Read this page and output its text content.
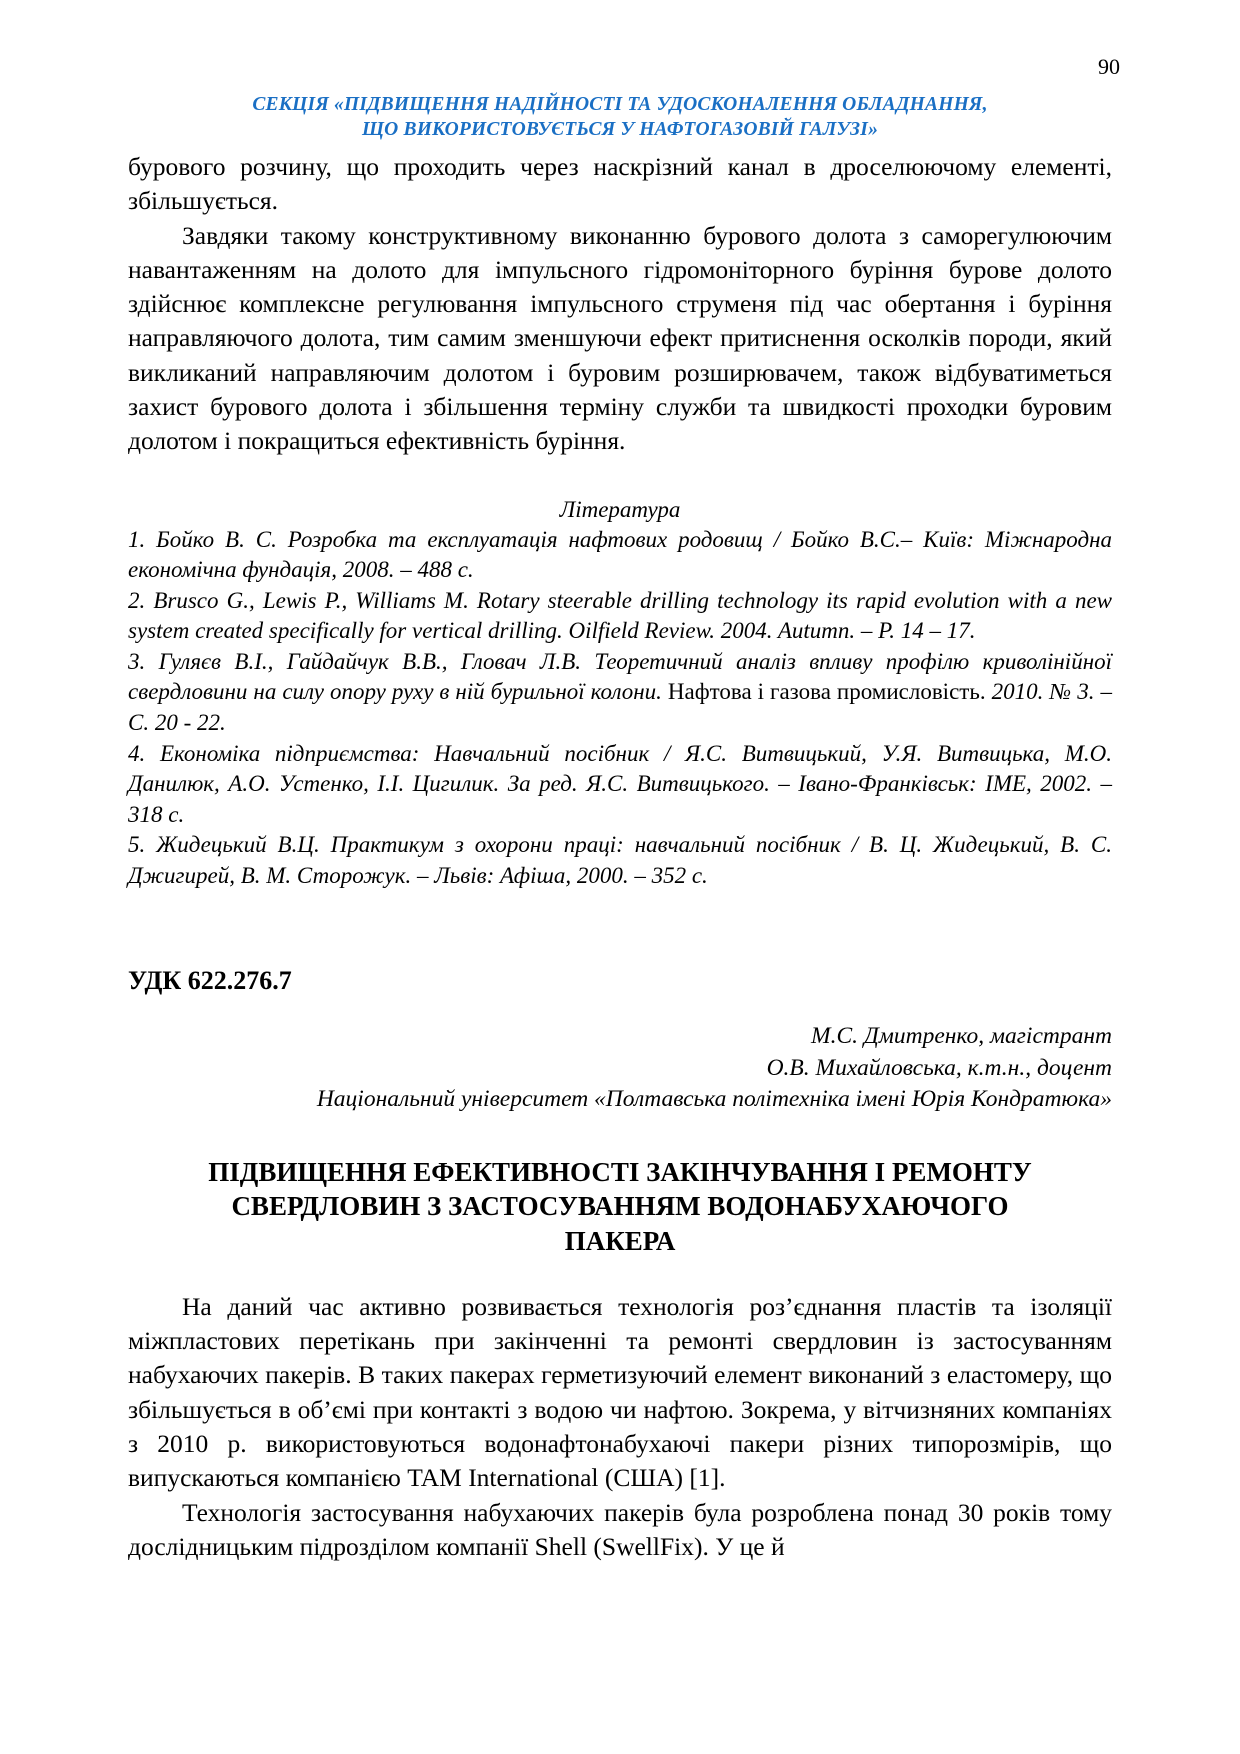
90
СЕКЦІЯ «ПІДВИЩЕННЯ НАДІЙНОСТІ ТА УДОСКОНАЛЕННЯ ОБЛАДНАННЯ,
ЩО ВИКОРИСТОВУЄТЬСЯ У НАФТОГАЗОВІЙ ГАЛУЗІ»

бурового розчину, що проходить через наскрізний канал в дроселюючому елементі, збільшується.

Завдяки такому конструктивному виконанню бурового долота з саморегулюючим навантаженням на долото для імпульсного гідромоніторного буріння бурове долото здійснює комплексне регулювання імпульсного струменя під час обертання і буріння направляючого долота, тим самим зменшуючи ефект притиснення осколків породи, який викликаний направляючим долотом і буровим розширювачем, також відбуватиметься захист бурового долота і збільшення терміну служби та швидкості проходки буровим долотом і покращиться ефективність буріння.

Література

1. Бойко В. С. Розробка та експлуатація нафтових родовищ / Бойко В.С.– Київ: Міжнародна економічна фундація, 2008. – 488 с.

2. Brusco G., Lewis P., Williams M. Rotary steerable drilling technology its rapid evolution with a new system created specifically for vertical drilling. Oilfield Review. 2004. Autumn. – P. 14 – 17.

3. Гуляєв В.І., Гайдайчук В.В., Гловач Л.В. Теоретичний аналіз впливу профілю криволінійної свердловини на силу опору руху в ній бурильної колони. Нафтова і газова промисловість. 2010. № 3. – С. 20 - 22.

4. Економіка підприємства: Навчальний посібник / Я.С. Витвицький, У.Я. Витвицька, М.О. Данилюк, А.О. Устенко, І.І. Цигилик. За ред. Я.С. Витвицького. – Івано-Франківськ: ІМЕ, 2002. – 318 с.

5. Жидецький В.Ц. Практикум з охорони праці: навчальний посібник / В. Ц. Жидецький, В. С. Джигирей, В. М. Сторожук. – Львів: Афіша, 2000. – 352 с.

УДК 622.276.7
М.С. Дмитренко, магістрант
О.В. Михайловська, к.т.н., доцент
Національний університет «Полтавська політехніка імені Юрія Кондратюка»
ПІДВИЩЕННЯ ЕФЕКТИВНОСТІ ЗАКІНЧУВАННЯ І РЕМОНТУ
СВЕРДЛОВИН З ЗАСТОСУВАННЯМ ВОДОНАБУХАЮЧОГО
ПАКЕРА

На даний час активно розвивається технологія роз’єднання пластів та ізоляції міжпластових перетікань при закінченні та ремонті свердловин із застосуванням набухаючих пакерів. В таких пакерах герметизуючий елемент виконаний з еластомеру, що збільшується в об’ємі при контакті з водою чи нафтою. Зокрема, у вітчизняних компаніях з 2010 р. використовуються водонафтонабухаючі пакери різних типорозмірів, що випускаються компанією TAM International (США) [1].

Технологія застосування набухаючих пакерів була розроблена понад 30 років тому дослідницьким підрозділом компанії Shell (SwellFix). У це й
